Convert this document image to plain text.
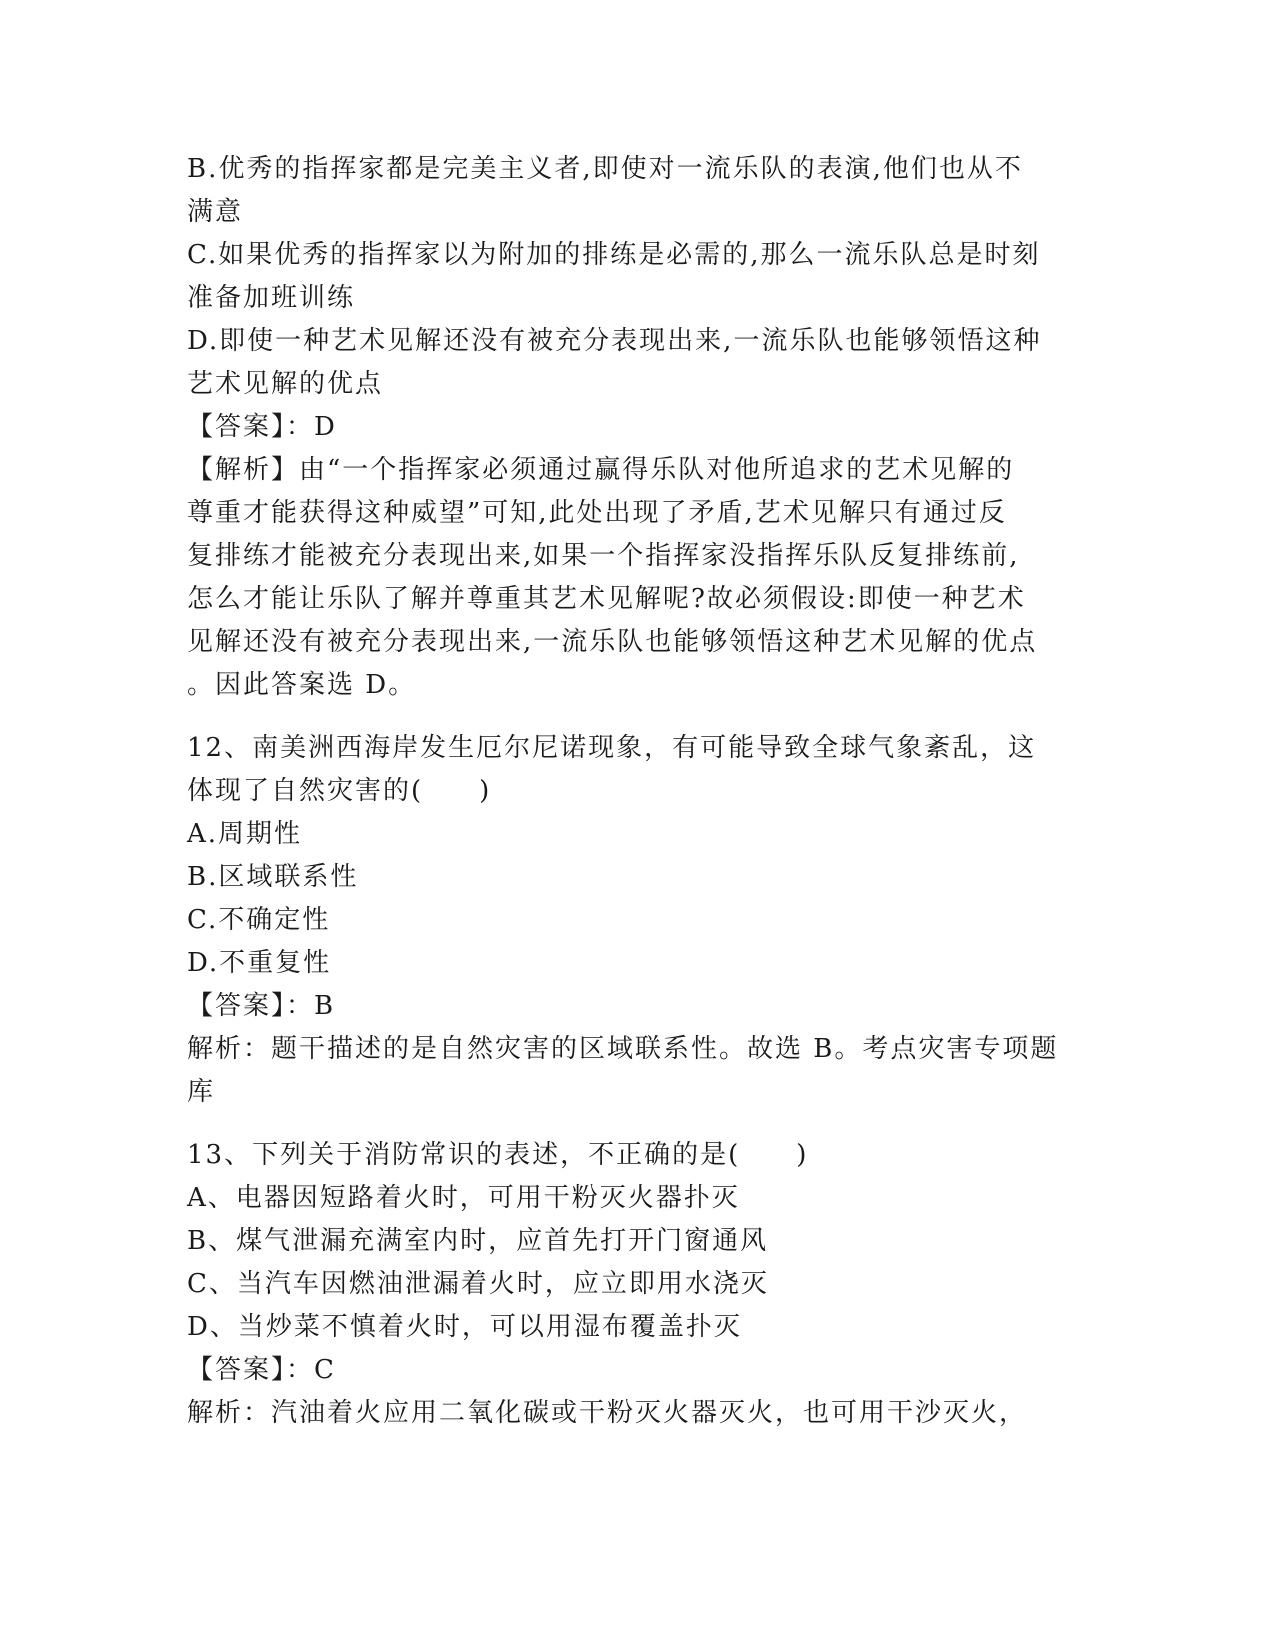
B.优秀的指挥家都是完美主义者,即使对一流乐队的表演,他们也从不
满意
C.如果优秀的指挥家以为附加的排练是必需的,那么一流乐队总是时刻
准备加班训练
D.即使一种艺术见解还没有被充分表现出来,一流乐队也能够领悟这种
艺术见解的优点
【答案】：D
【解析】由“一个指挥家必须通过赢得乐队对他所追求的艺术见解的
尊重才能获得这种威望”可知,此处出现了矛盾,艺术见解只有通过反
复排练才能被充分表现出来,如果一个指挥家没指挥乐队反复排练前,
怎么才能让乐队了解并尊重其艺术见解呢?故必须假设:即使一种艺术
见解还没有被充分表现出来,一流乐队也能够领悟这种艺术见解的优点
。因此答案选 D。
12、南美洲西海岸发生厄尔尼诺现象，有可能导致全球气象紊乱，这
体现了自然灾害的(　　)
A.周期性
B.区域联系性
C.不确定性
D.不重复性
【答案】：B
解析：题干描述的是自然灾害的区域联系性。故选 B。考点灾害专项题
库
13、下列关于消防常识的表述，不正确的是(　　)
A、电器因短路着火时，可用干粉灭火器扑灭
B、煤气泄漏充满室内时，应首先打开门窗通风
C、当汽车因燃油泄漏着火时，应立即用水浇灭
D、当炒菜不慎着火时，可以用湿布覆盖扑灭
【答案】：C
解析：汽油着火应用二氧化碳或干粉灭火器灭火，也可用干沙灭火，
